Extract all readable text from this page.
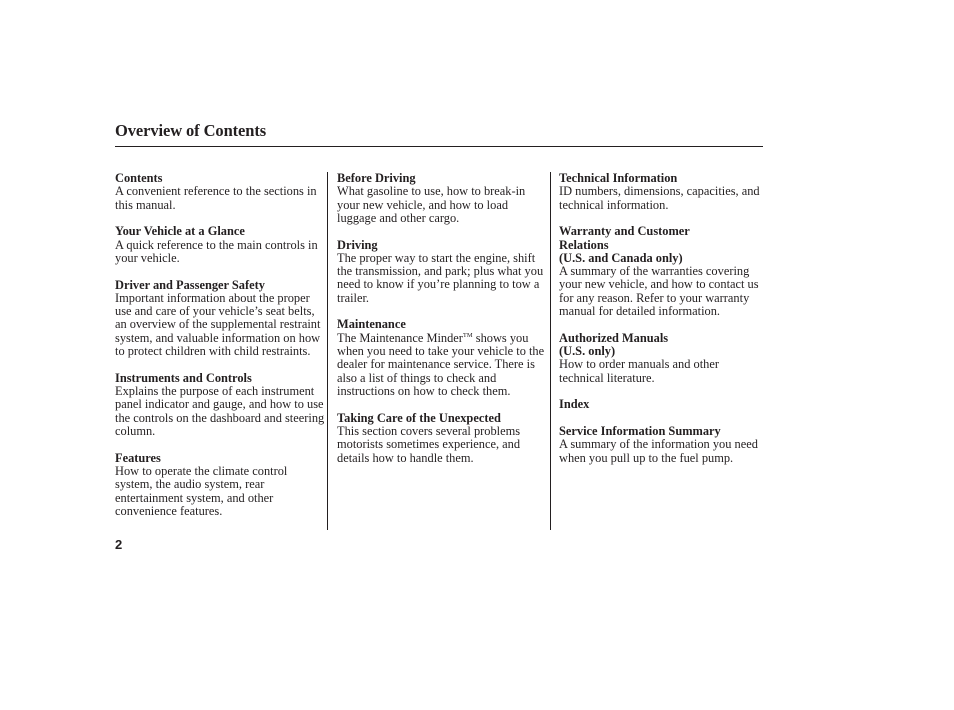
Overview of Contents
Contents
A convenient reference to the sections in this manual.
Your Vehicle at a Glance
A quick reference to the main controls in your vehicle.
Driver and Passenger Safety
Important information about the proper use and care of your vehicle’s seat belts, an overview of the supplemental restraint system, and valuable information on how to protect children with child restraints.
Instruments and Controls
Explains the purpose of each instrument panel indicator and gauge, and how to use the controls on the dashboard and steering column.
Features
How to operate the climate control system, the audio system, rear entertainment system, and other convenience features.
Before Driving
What gasoline to use, how to break-in your new vehicle, and how to load luggage and other cargo.
Driving
The proper way to start the engine, shift the transmission, and park; plus what you need to know if you’re planning to tow a trailer.
Maintenance
The Maintenance Minder™ shows you when you need to take your vehicle to the dealer for maintenance service. There is also a list of things to check and instructions on how to check them.
Taking Care of the Unexpected
This section covers several problems motorists sometimes experience, and details how to handle them.
Technical Information
ID numbers, dimensions, capacities, and technical information.
Warranty and Customer
Relations
(U.S. and Canada only)
A summary of the warranties covering your new vehicle, and how to contact us for any reason. Refer to your warranty manual for detailed information.
Authorized Manuals
(U.S. only)
How to order manuals and other technical literature.
Index
Service Information Summary
A summary of the information you need when you pull up to the fuel pump.
2
